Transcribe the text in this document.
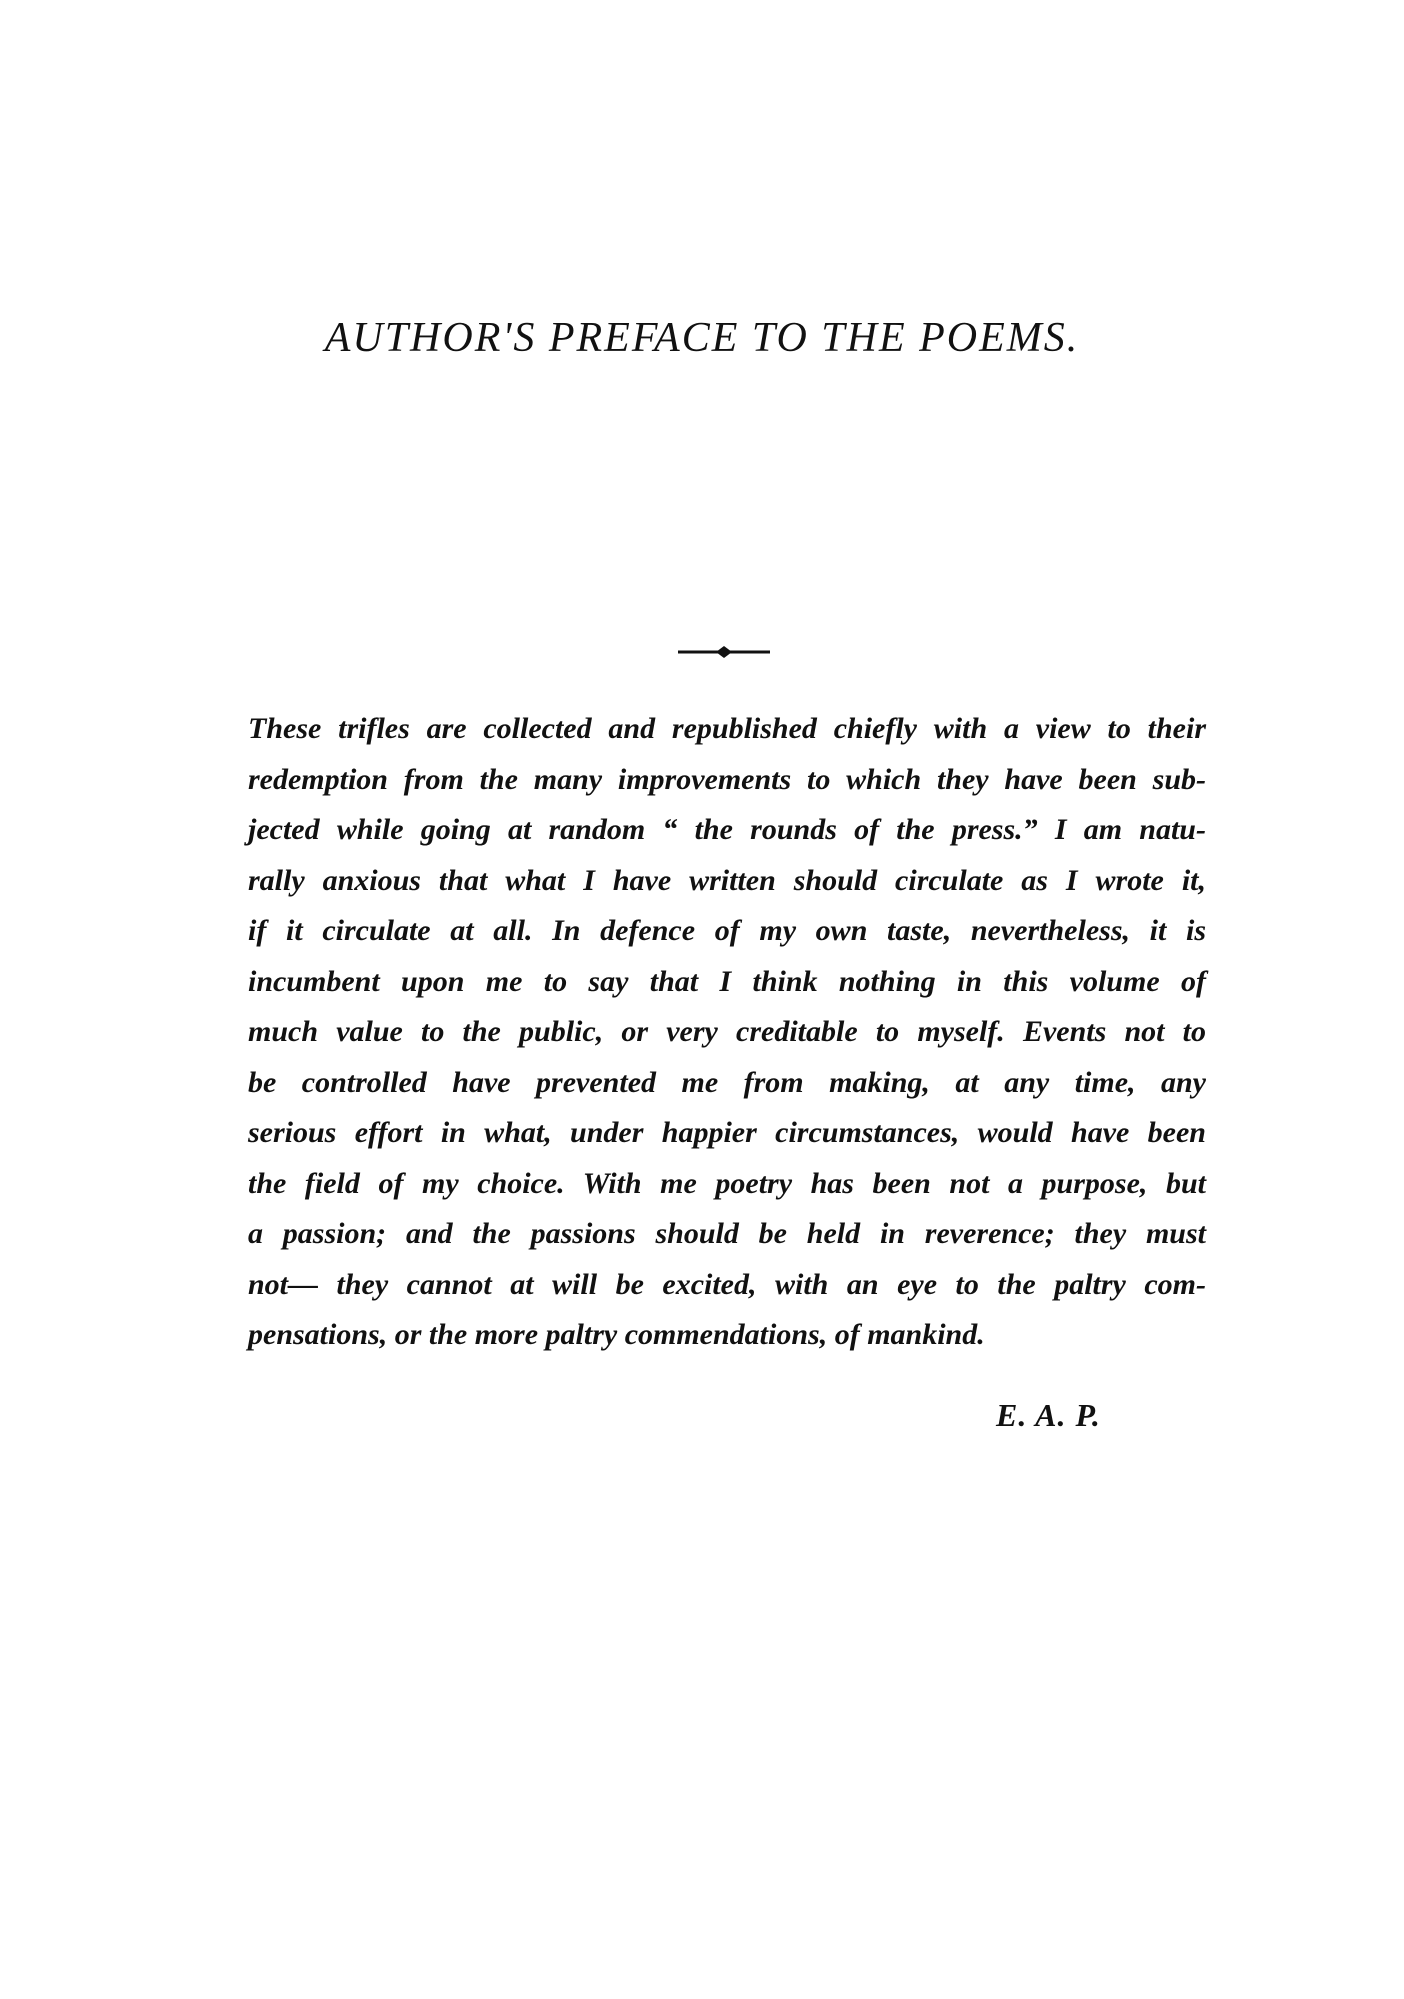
AUTHOR'S PREFACE TO THE POEMS.
These trifles are collected and republished chiefly with a view to their
redemption from the many improvements to which they have been sub-
jected while going at random “ the rounds of the press.” I am natu-
rally anxious that what I have written should circulate as I wrote it,
if it circulate at all. In defence of my own taste, nevertheless, it is
incumbent upon me to say that I think nothing in this volume of
much value to the public, or very creditable to myself. Events not to
be controlled have prevented me from making, at any time, any
serious effort in what, under happier circumstances, would have been
the field of my choice. With me poetry has been not a purpose, but
a passion; and the passions should be held in reverence; they must
not— they cannot at will be excited, with an eye to the paltry com-
pensations, or the more paltry commendations, of mankind.

E. A. P.
